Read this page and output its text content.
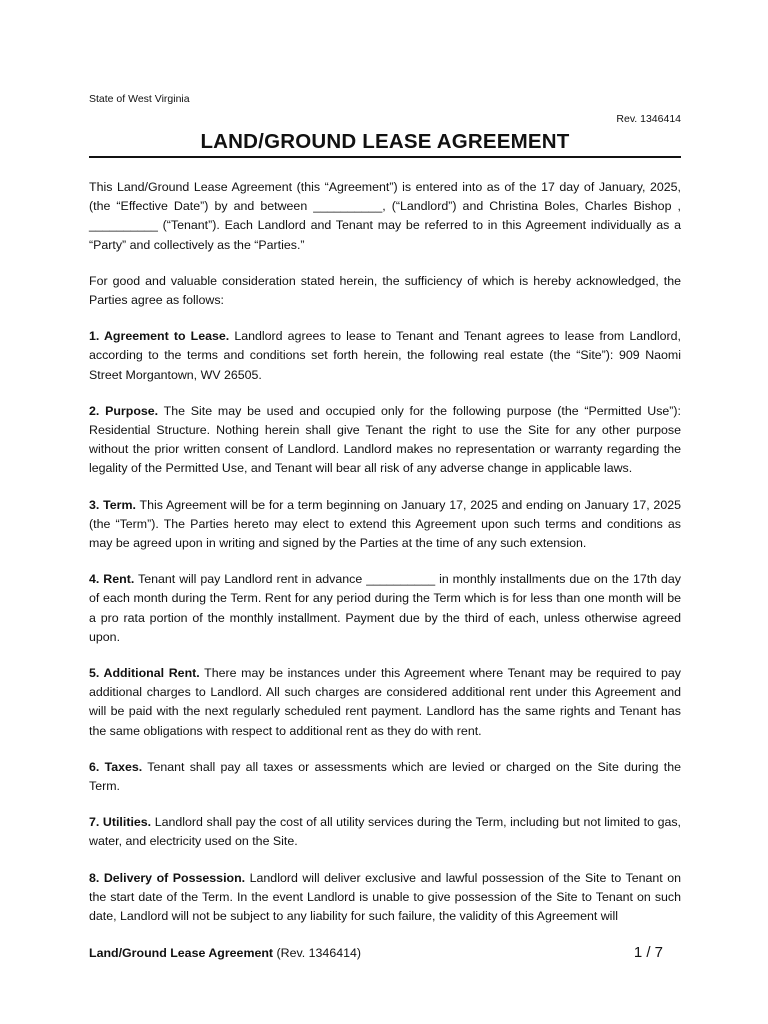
State of West Virginia
Rev. 1346414
LAND/GROUND LEASE AGREEMENT

This Land/Ground Lease Agreement (this “Agreement”) is entered into as of the 17 day of January, 2025, (the “Effective Date”) by and between __________, (“Landlord”) and Christina Boles, Charles Bishop , __________ (“Tenant”). Each Landlord and Tenant may be referred to in this Agreement individually as a “Party” and collectively as the “Parties.”

For good and valuable consideration stated herein, the sufficiency of which is hereby acknowledged, the Parties agree as follows:

1. Agreement to Lease. Landlord agrees to lease to Tenant and Tenant agrees to lease from Landlord, according to the terms and conditions set forth herein, the following real estate (the “Site”): 909 Naomi Street Morgantown, WV 26505.

2. Purpose. The Site may be used and occupied only for the following purpose (the “Permitted Use”): Residential Structure. Nothing herein shall give Tenant the right to use the Site for any other purpose without the prior written consent of Landlord. Landlord makes no representation or warranty regarding the legality of the Permitted Use, and Tenant will bear all risk of any adverse change in applicable laws.

3. Term. This Agreement will be for a term beginning on January 17, 2025 and ending on January 17, 2025 (the “Term”). The Parties hereto may elect to extend this Agreement upon such terms and conditions as may be agreed upon in writing and signed by the Parties at the time of any such extension.

4. Rent. Tenant will pay Landlord rent in advance __________ in monthly installments due on the 17th day of each month during the Term. Rent for any period during the Term which is for less than one month will be a pro rata portion of the monthly installment. Payment due by the third of each, unless otherwise agreed upon.

5. Additional Rent. There may be instances under this Agreement where Tenant may be required to pay additional charges to Landlord. All such charges are considered additional rent under this Agreement and will be paid with the next regularly scheduled rent payment. Landlord has the same rights and Tenant has the same obligations with respect to additional rent as they do with rent.

6. Taxes. Tenant shall pay all taxes or assessments which are levied or charged on the Site during the Term.

7. Utilities. Landlord shall pay the cost of all utility services during the Term, including but not limited to gas, water, and electricity used on the Site.

8. Delivery of Possession. Landlord will deliver exclusive and lawful possession of the Site to Tenant on the start date of the Term. In the event Landlord is unable to give possession of the Site to Tenant on such date, Landlord will not be subject to any liability for such failure, the validity of this Agreement will

Land/Ground Lease Agreement (Rev. 1346414)	1 / 7
